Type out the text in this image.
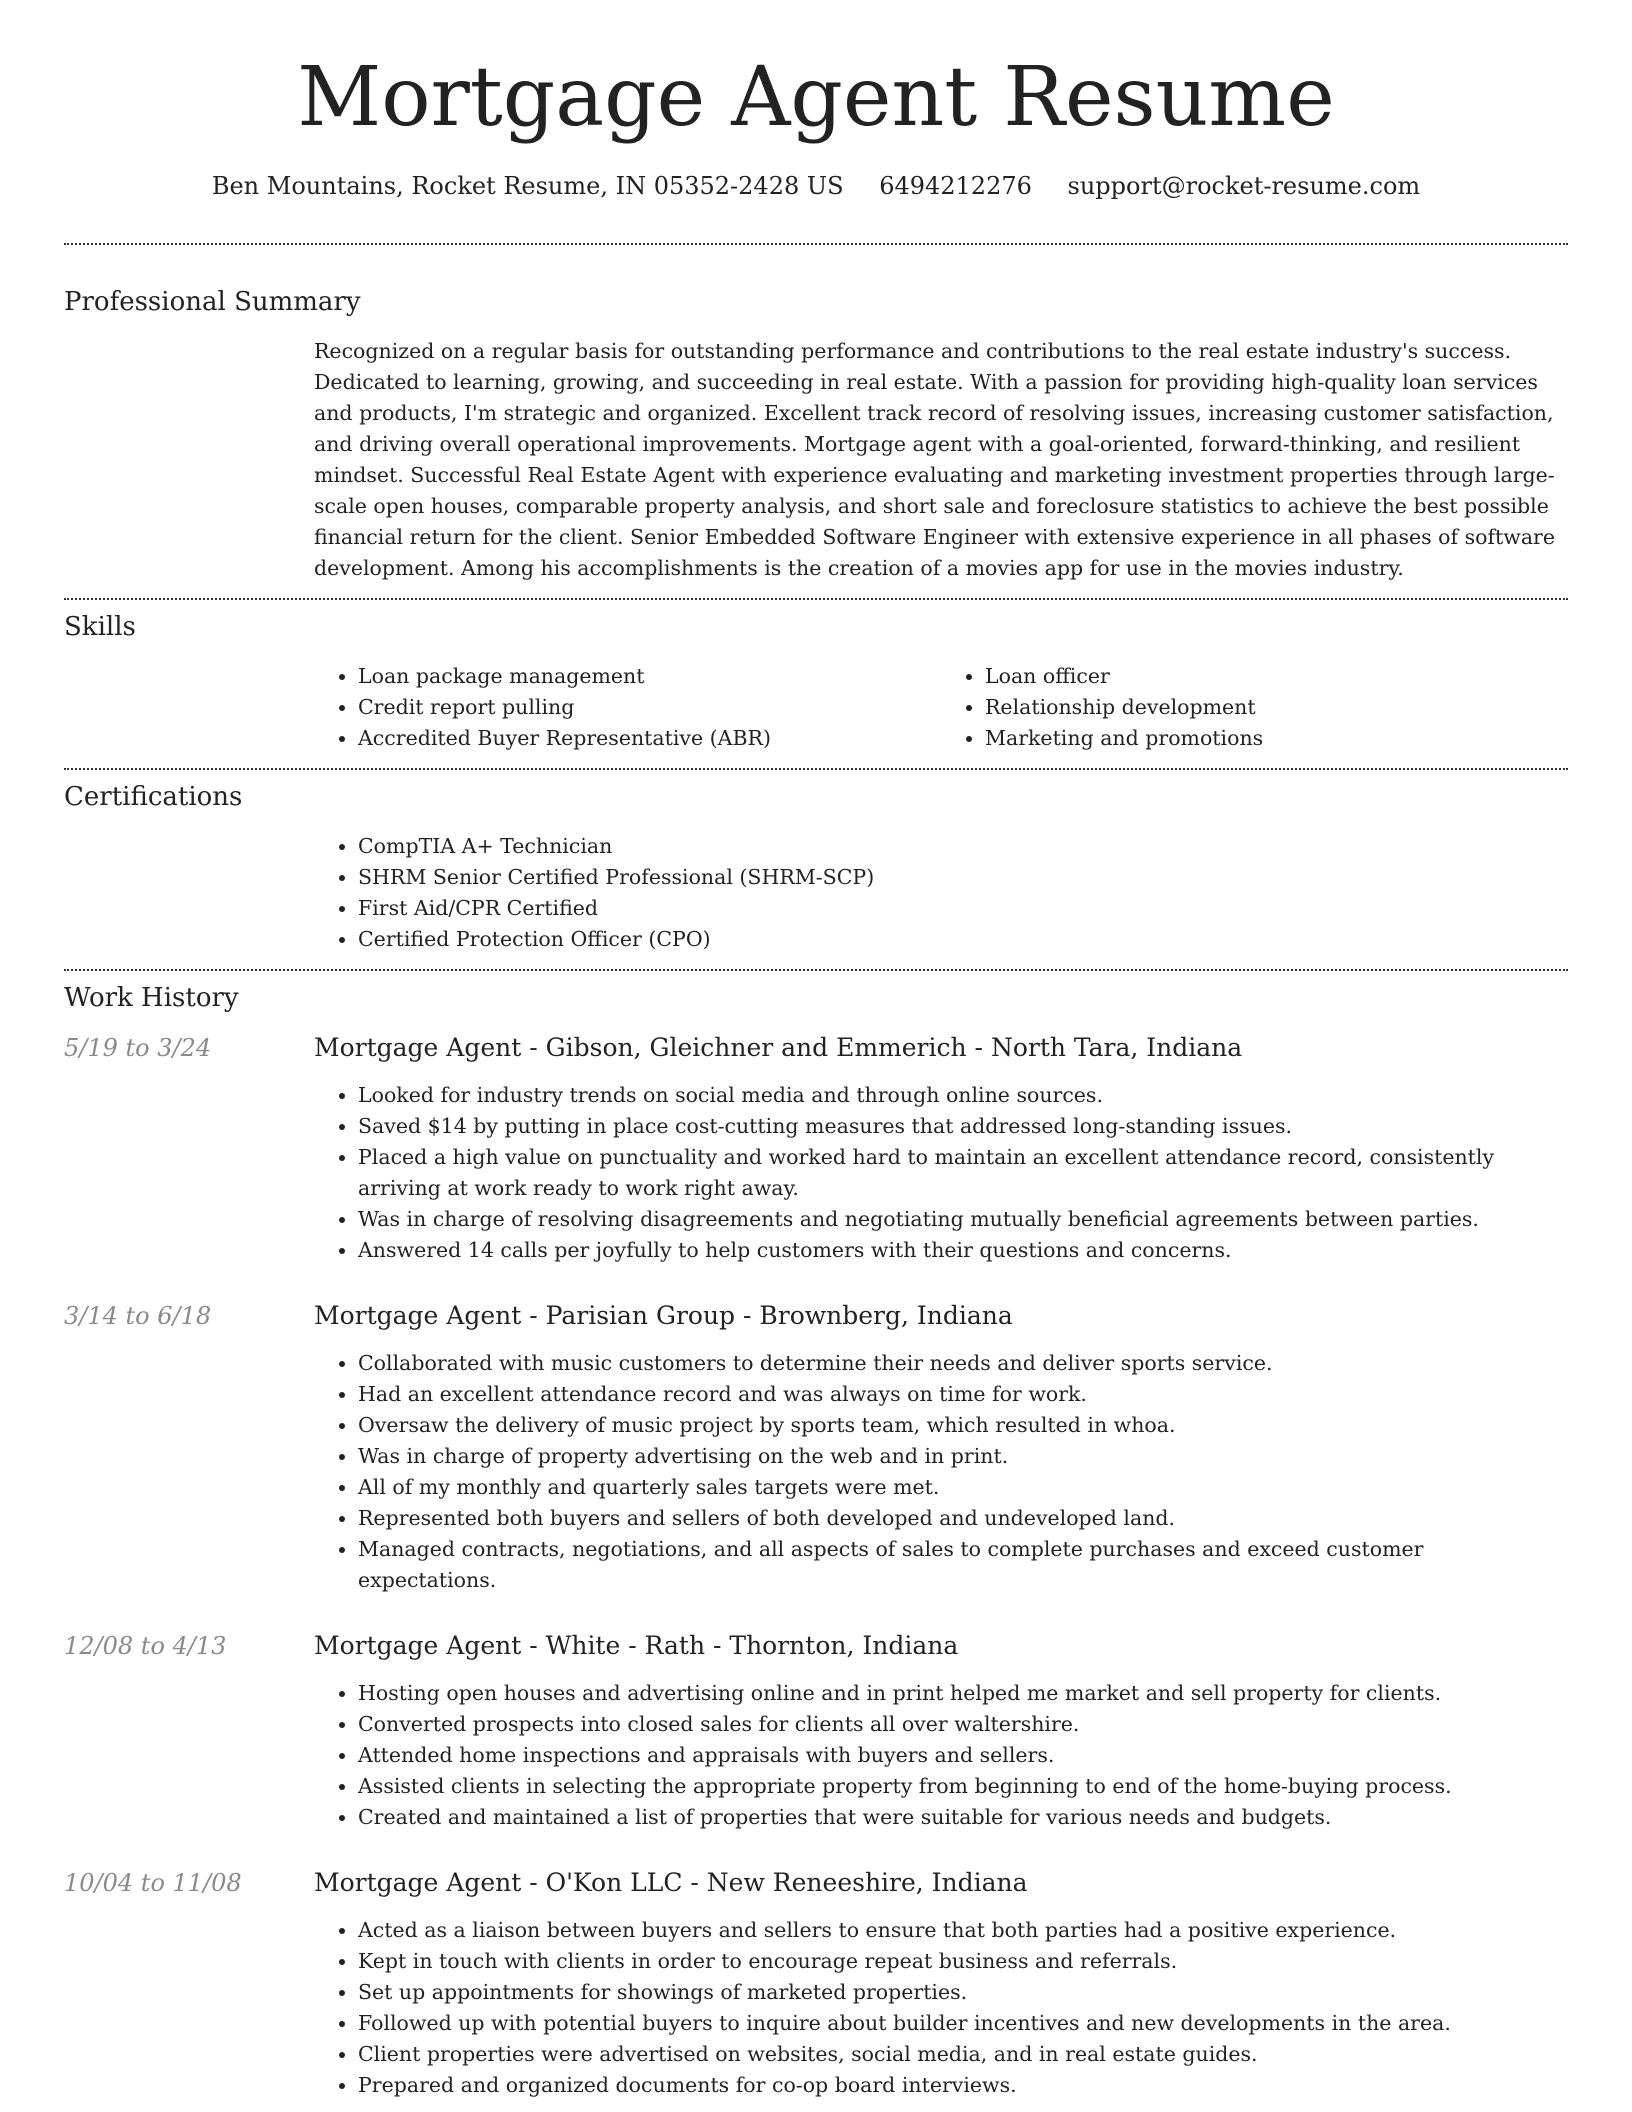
Mortgage Agent Resume
Ben Mountains, Rocket Resume, IN 05352-2428 US 6494212276 support@rocket-resume.com
Professional Summary

Recognized on a regular basis for outstanding performance and contributions to the real estate industry's success. Dedicated to learning, growing, and succeeding in real estate. With a passion for providing high-quality loan services and products, I'm strategic and organized. Excellent track record of resolving issues, increasing customer satisfaction, and driving overall operational improvements. Mortgage agent with a goal-oriented, forward-thinking, and resilient mindset. Successful Real Estate Agent with experience evaluating and marketing investment properties through large-scale open houses, comparable property analysis, and short sale and foreclosure statistics to achieve the best possible financial return for the client. Senior Embedded Software Engineer with extensive experience in all phases of software development. Among his accomplishments is the creation of a movies app for use in the movies industry.

Skills
• Loan package management
• Credit report pulling
• Accredited Buyer Representative (ABR)
• Loan officer
• Relationship development
• Marketing and promotions
Certifications
• CompTIA A+ Technician
• SHRM Senior Certified Professional (SHRM-SCP)
• First Aid/CPR Certified
• Certified Protection Officer (CPO)
Work History
5/19 to 3/24	Mortgage Agent - Gibson, Gleichner and Emmerich - North Tara, Indiana
• Looked for industry trends on social media and through online sources.
• Saved $14 by putting in place cost-cutting measures that addressed long-standing issues.
• Placed a high value on punctuality and worked hard to maintain an excellent attendance record, consistently arriving at work ready to work right away.
• Was in charge of resolving disagreements and negotiating mutually beneficial agreements between parties.
• Answered 14 calls per joyfully to help customers with their questions and concerns.
3/14 to 6/18	Mortgage Agent - Parisian Group - Brownberg, Indiana
• Collaborated with music customers to determine their needs and deliver sports service.
• Had an excellent attendance record and was always on time for work.
• Oversaw the delivery of music project by sports team, which resulted in whoa.
• Was in charge of property advertising on the web and in print.
• All of my monthly and quarterly sales targets were met.
• Represented both buyers and sellers of both developed and undeveloped land.
• Managed contracts, negotiations, and all aspects of sales to complete purchases and exceed customer expectations.
12/08 to 4/13	Mortgage Agent - White - Rath - Thornton, Indiana
• Hosting open houses and advertising online and in print helped me market and sell property for clients.
• Converted prospects into closed sales for clients all over waltershire.
• Attended home inspections and appraisals with buyers and sellers.
• Assisted clients in selecting the appropriate property from beginning to end of the home-buying process.
• Created and maintained a list of properties that were suitable for various needs and budgets.
10/04 to 11/08	Mortgage Agent - O'Kon LLC - New Reneeshire, Indiana
• Acted as a liaison between buyers and sellers to ensure that both parties had a positive experience.
• Kept in touch with clients in order to encourage repeat business and referrals.
• Set up appointments for showings of marketed properties.
• Followed up with potential buyers to inquire about builder incentives and new developments in the area.
• Client properties were advertised on websites, social media, and in real estate guides.
• Prepared and organized documents for co-op board interviews.
